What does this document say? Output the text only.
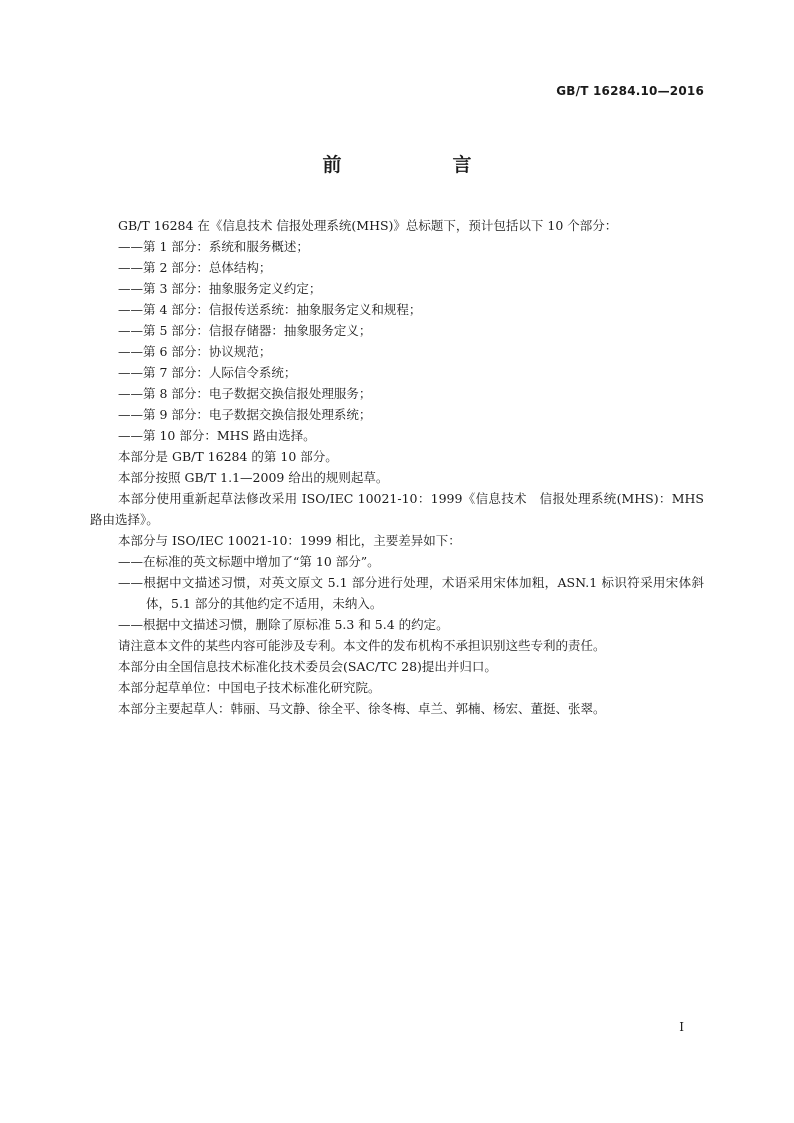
GB/T 16284.10—2016
前　言

GB/T 16284 在《信息技术 信报处理系统(MHS)》总标题下，预计包括以下 10 个部分：

——第 1 部分：系统和服务概述；

——第 2 部分：总体结构；

——第 3 部分：抽象服务定义约定；

——第 4 部分：信报传送系统：抽象服务定义和规程；

——第 5 部分：信报存储器：抽象服务定义；

——第 6 部分：协议规范；

——第 7 部分：人际信令系统；

——第 8 部分：电子数据交换信报处理服务；

——第 9 部分：电子数据交换信报处理系统；

——第 10 部分：MHS 路由选择。

本部分是 GB/T 16284 的第 10 部分。

本部分按照 GB/T 1.1—2009 给出的规则起草。

本部分使用重新起草法修改采用 ISO/IEC 10021-10：1999《信息技术　信报处理系统(MHS)：MHS 路由选择》。

本部分与 ISO/IEC 10021-10：1999 相比，主要差异如下：

——在标准的英文标题中增加了“第 10 部分”。

——根据中文描述习惯，对英文原文 5.1 部分进行处理，术语采用宋体加粗，ASN.1 标识符采用宋体斜体，5.1 部分的其他约定不适用，未纳入。

——根据中文描述习惯，删除了原标准 5.3 和 5.4 的约定。

请注意本文件的某些内容可能涉及专利。本文件的发布机构不承担识别这些专利的责任。

本部分由全国信息技术标准化技术委员会(SAC/TC 28)提出并归口。

本部分起草单位：中国电子技术标准化研究院。

本部分主要起草人：韩丽、马文静、徐全平、徐冬梅、卓兰、郭楠、杨宏、董挺、张翠。

I
